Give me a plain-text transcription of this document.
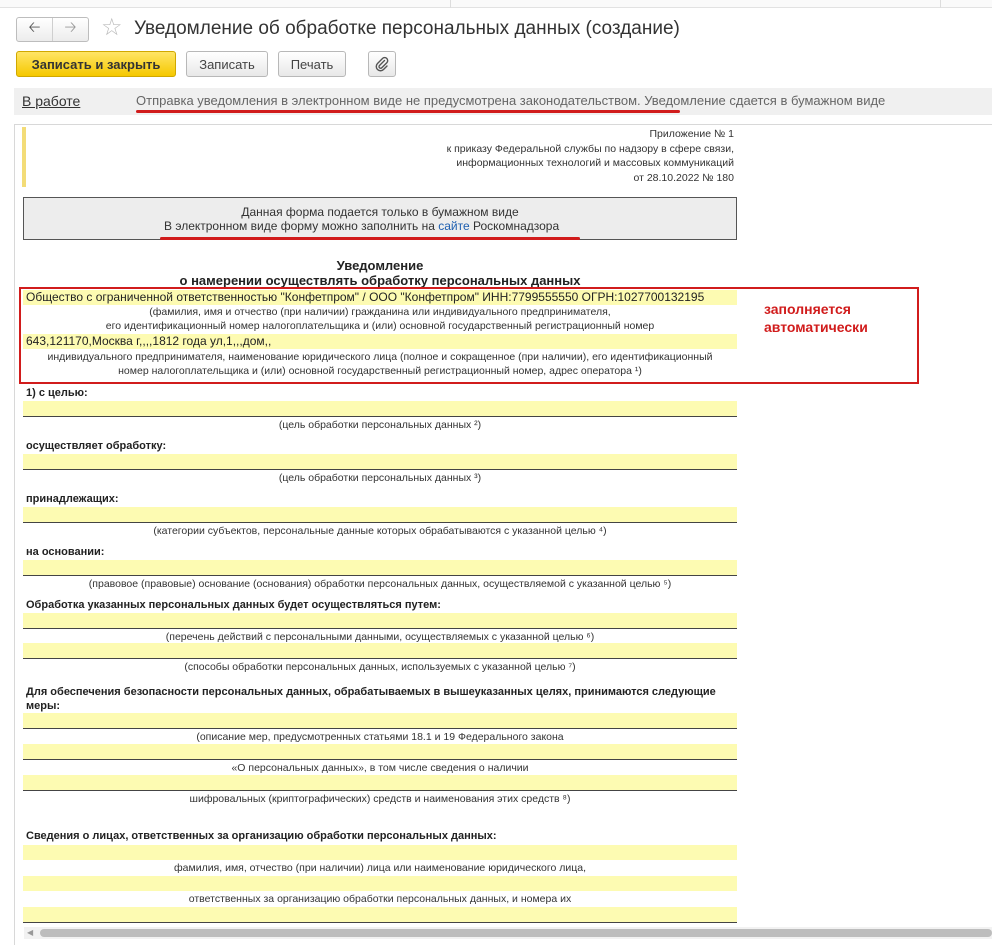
🡠 🡢 ☆ Уведомление об обработке персональных данных (создание)
Записать и закрыть	Записать	Печать
В работе	Отправка уведомления в электронном виде не предусмотрена законодательством. Уведомление сдается в бумажном виде
Приложение № 1
к приказу Федеральной службы по надзору в сфере связи,
информационных технологий и массовых коммуникаций
от 28.10.2022 № 180
Данная форма подается только в бумажном виде
В электронном виде форму можно заполнить на сайте Роскомнадзора
Уведомление
о намерении осуществлять обработку персональных данных
Общество с ограниченной ответственностью "Конфетпром" / ООО "Конфетпром" ИНН:7799555550 ОГРН:1027700132195
(фамилия, имя и отчество (при наличии) гражданина или индивидуального предпринимателя,
его идентификационный номер налогоплательщика и (или) основной государственный регистрационный номер
643,121170,Москва г,,,,1812 года ул,1,,,дом,,
индивидуального предпринимателя, наименование юридического лица (полное и сокращенное (при наличии), его идентификационный
номер налогоплательщика и (или) основной государственный регистрационный номер, адрес оператора ¹)
заполняется
автоматически
1) с целью:
(цель обработки персональных данных ²)
осуществляет обработку:
(цель обработки персональных данных ³)
принадлежащих:
(категории субъектов, персональные данные которых обрабатываются с указанной целью ⁴)
на основании:
(правовое (правовые) основание (основания) обработки персональных данных, осуществляемой с указанной целью ⁵)
Обработка указанных персональных данных будет осуществляться путем:
(перечень действий с персональными данными, осуществляемых с указанной целью ⁶)
(способы обработки персональных данных, используемых с указанной целью ⁷)
Для обеспечения безопасности персональных данных, обрабатываемых в вышеуказанных целях, принимаются следующие меры:
(описание мер, предусмотренных статьями 18.1 и 19 Федерального закона
«О персональных данных», в том числе сведения о наличии
шифровальных (криптографических) средств и наименования этих средств ⁸)
Сведения о лицах, ответственных за организацию обработки персональных данных:
фамилия, имя, отчество (при наличии) лица или наименование юридического лица,
ответственных за организацию обработки персональных данных, и номера их
◀
